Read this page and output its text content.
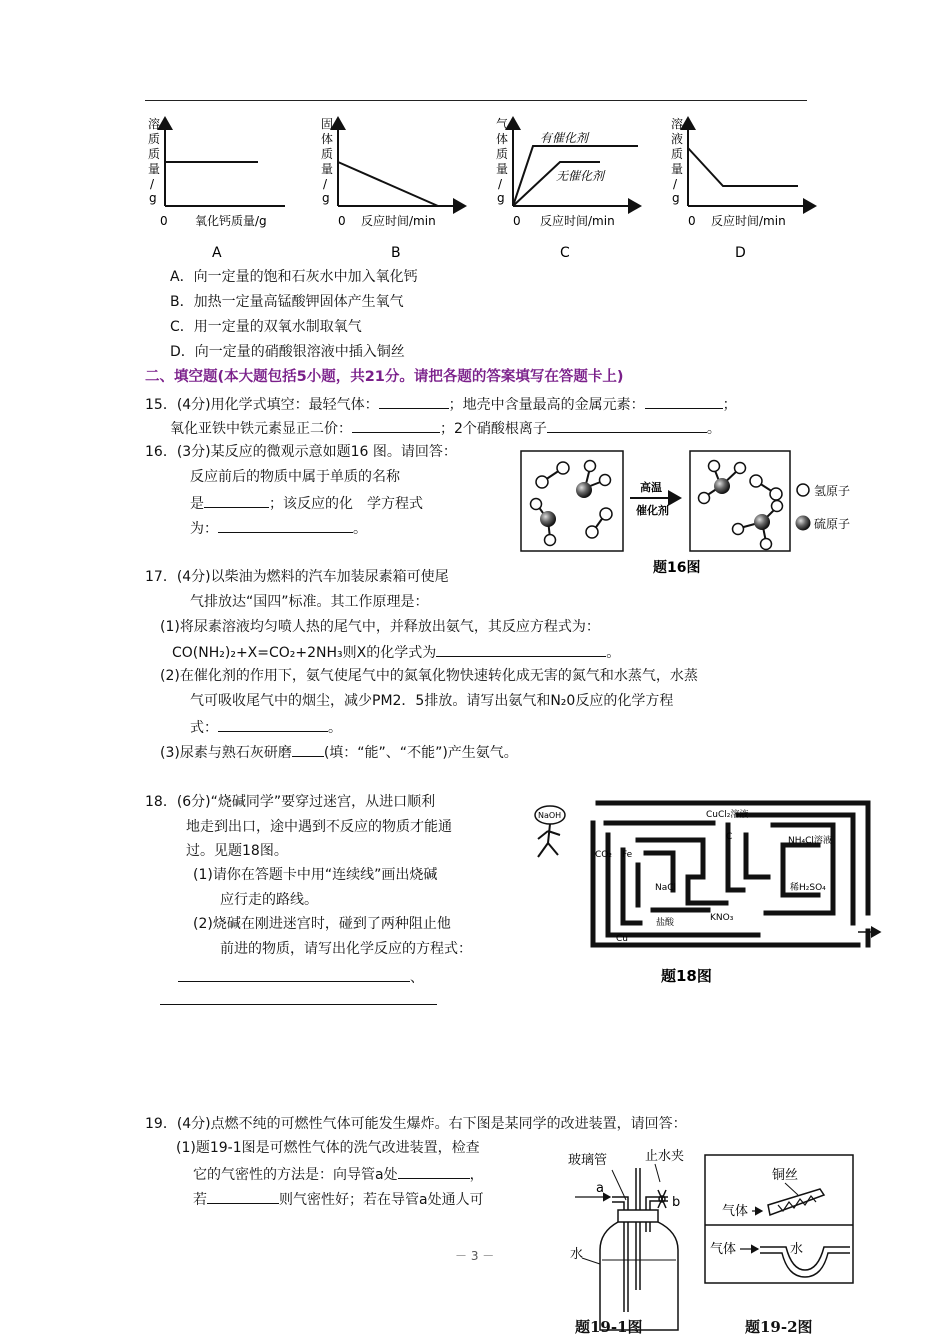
溶质质量/ g
0 氧化钙质量/g
A
固体质量/ g
0 反应时间/min
B
气体质量/ g
有催化剂
无催化剂
0 反应时间/min
C
溶液质量/ g
0 反应时间/min
D
A．向一定量的饱和石灰水中加入氧化钙
B．加热一定量高锰酸钾固体产生氧气
C．用一定量的双氧水制取氧气
D．向一定量的硝酸银溶液中插入铜丝
二、填空题(本大题包括5小题，共21分。请把各题的答案填写在答题卡上)
15．(4分)用化学式填空：最轻气体：	；地壳中含量最高的金属元素：	；
氧化亚铁中铁元素显正二价：	；2个硝酸根离子	。
16．(3分)某反应的微观示意如题16 图。请回答：
反应前后的物质中属于单质的名称
是	；该反应的化　学方程式
为：	。
高温
催化剂
氢原子
硫原子
题16图
17．(4分)以柴油为燃料的汽车加装尿素箱可使尾
气排放达“国四”标准。其工作原理是：
(1)将尿素溶液均匀喷人热的尾气中，并释放出氨气，其反应方程式为：
CO(NH₂)₂+X=CO₂+2NH₃则X的化学式为	。
(2)在催化剂的作用下，氨气使尾气中的氮氧化物快速转化成无害的氮气和水蒸气，水蒸
气可吸收尾气中的烟尘，减少PM2．5排放。请写出氨气和N₂0反应的化学方程
式：	。
(3)尿素与熟石灰研磨 (填：“能”、“不能”)产生氨气。
18．(6分)“烧碱同学”要穿过迷宫，从进口顺利
地走到出口，途中遇到不反应的物质才能通
过。见题18图。
(1)请你在答题卡中用“连续线”画出烧碱
应行走的路线。
(2)烧碱在刚进迷宫时，碰到了两种阻止他
前进的物质，请写出化学反应的方程式：
、
NaOH	CuCl₂溶液
C	NH₄Cl溶液
CO₂ Fe
NaCl	稀H₂SO₄
KNO₃
盐酸
Cu
题18图
19．(4分)点燃不纯的可燃性气体可能发生爆炸。右下图是某同学的改进装置，请回答：
(1)题19-1图是可燃性气体的洗气改进装置，检查
它的气密性的方法是：向导管a处	，
若	则气密性好；若在导管a处通人可
玻璃管	止水夹
a
b
水
铜丝
气体
气体	水
题19-1图	题19-2图
－ 3 －
